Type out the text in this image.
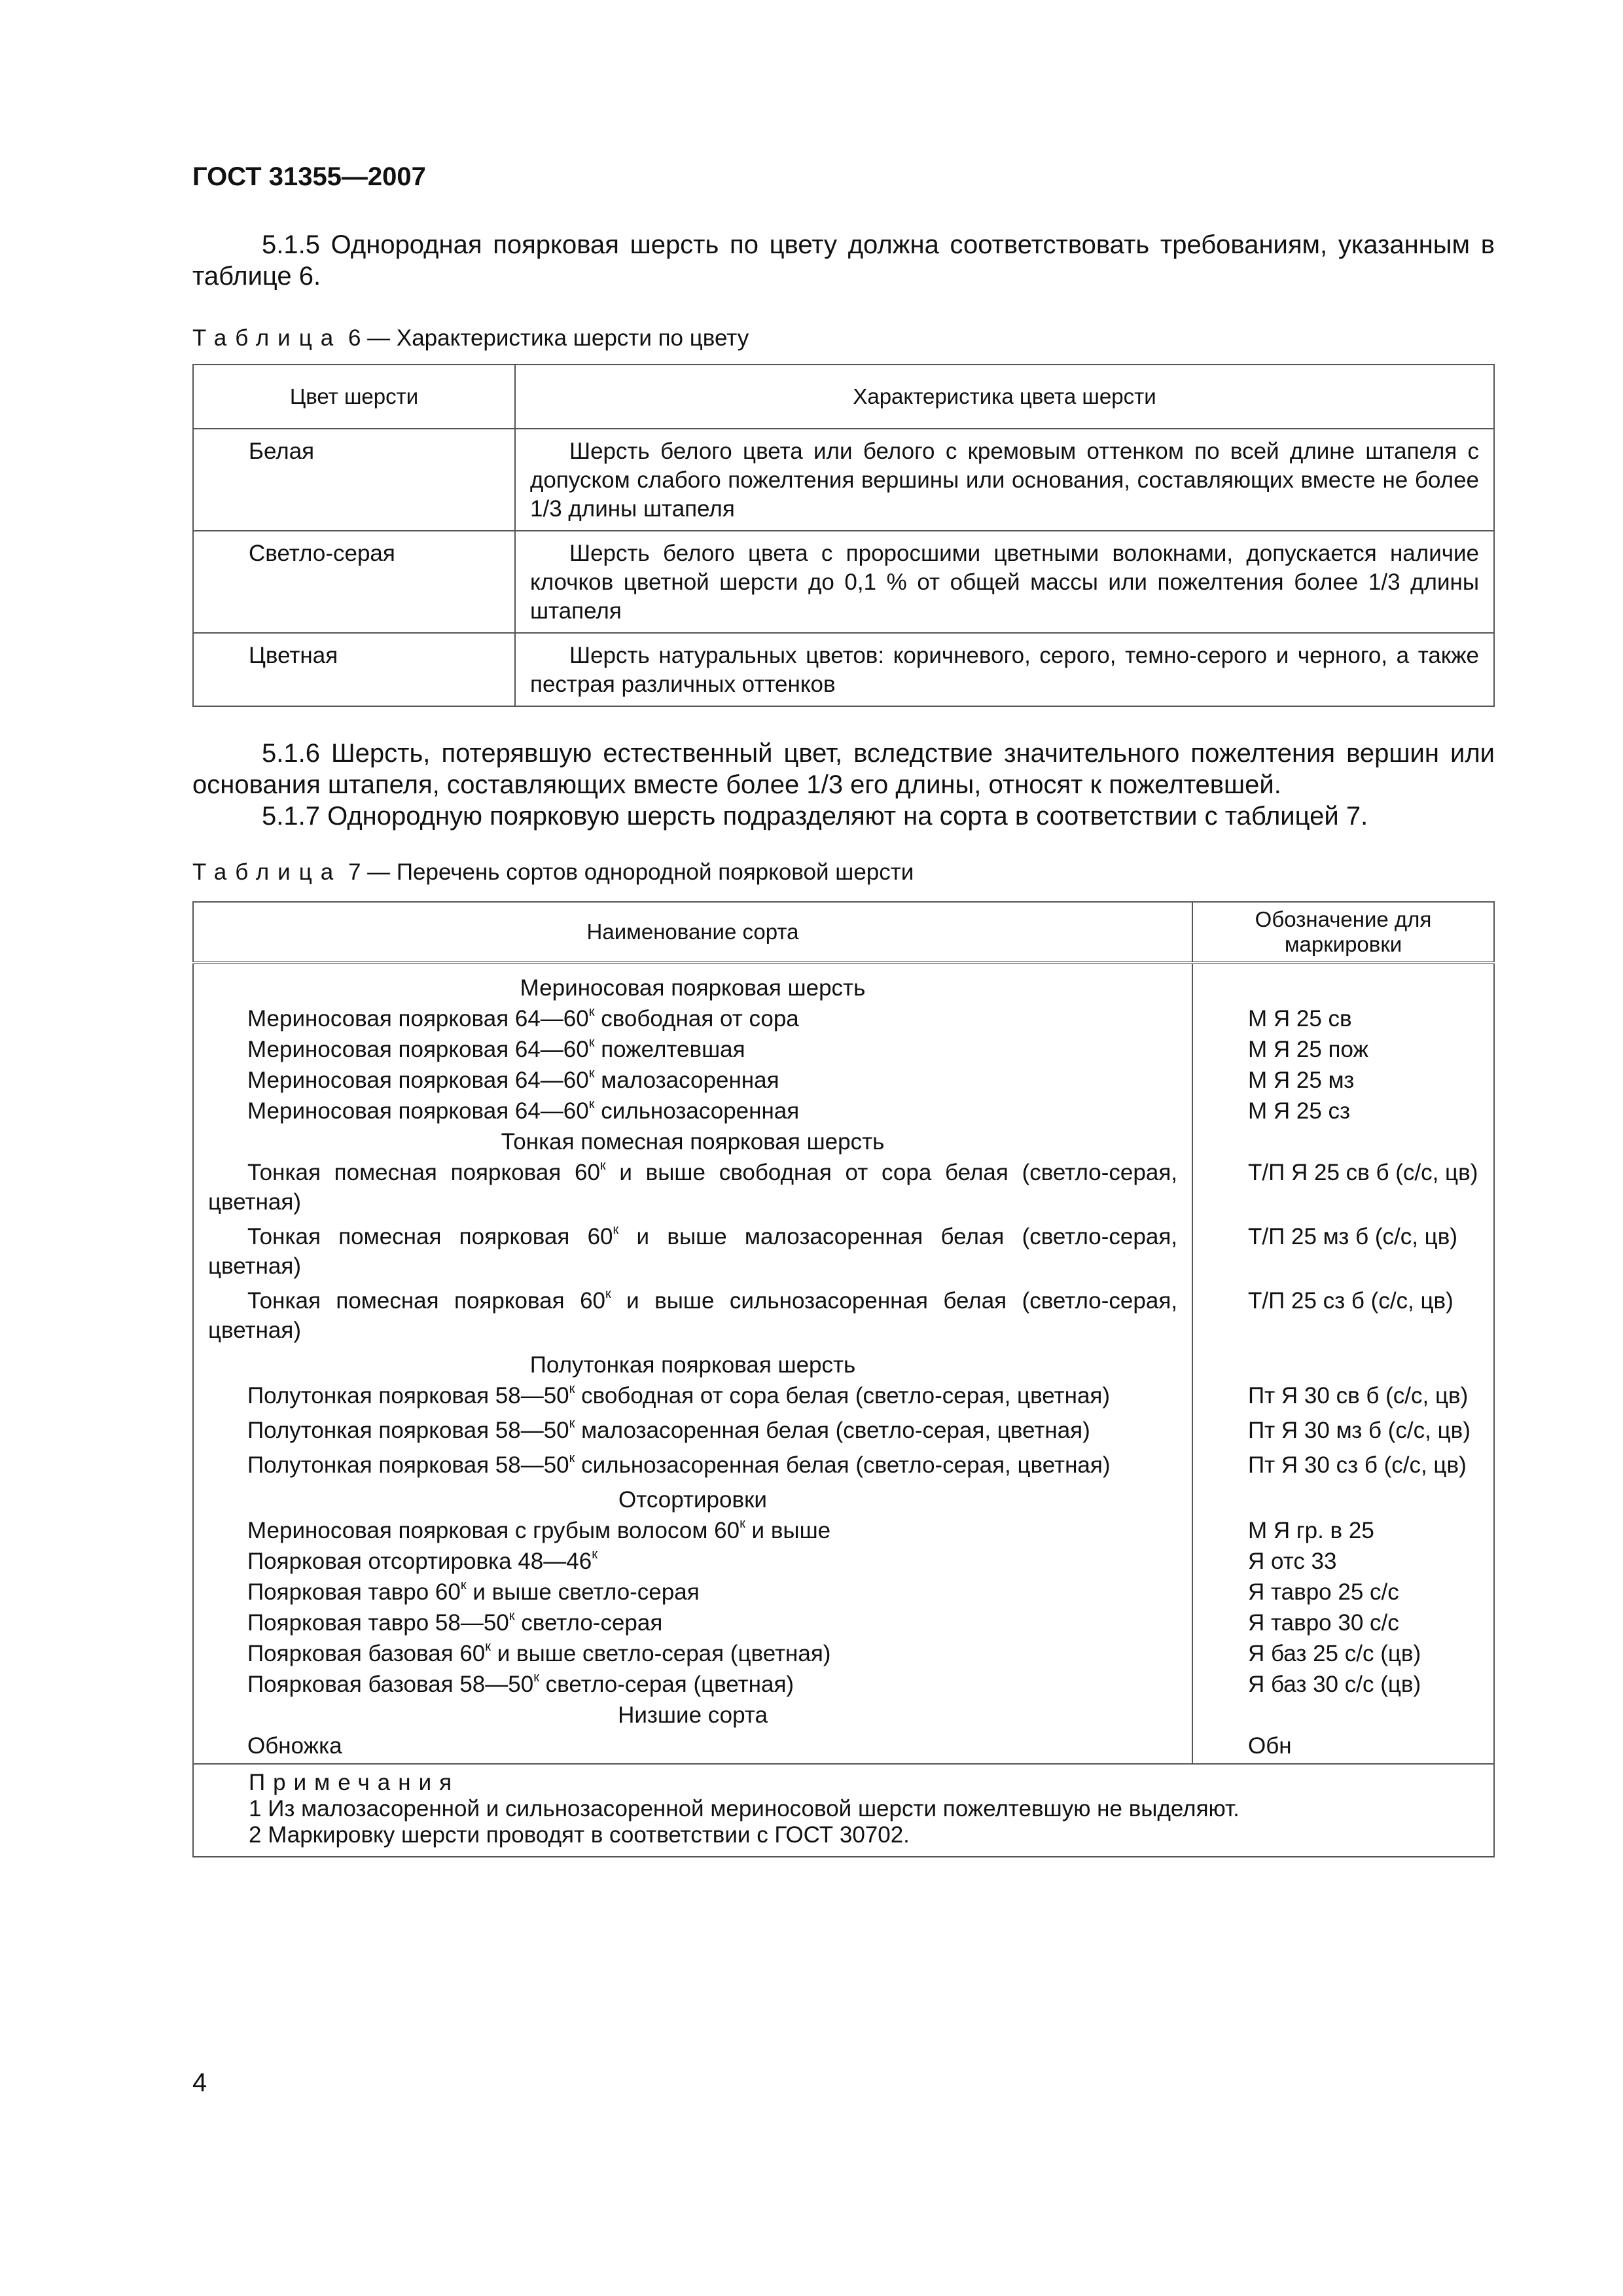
ГОСТ 31355—2007
5.1.5 Однородная поярковая шерсть по цвету должна соответствовать требованиям, указанным в таблице 6.
Таблица 6 — Характеристика шерсти по цвету
Цвет шерсти	Характеристика цвета шерсти
Белая	Шерсть белого цвета или белого с кремовым оттенком по всей длине штапеля с допуском слабого пожелтения вершины или основания, составляющих вместе не более 1/3 длины штапеля
Светло-серая	Шерсть белого цвета с проросшими цветными волокнами, допускается наличие клочков цветной шерсти до 0,1 % от общей массы или пожелтения более 1/3 длины штапеля
Цветная	Шерсть натуральных цветов: коричневого, серого, темно-серого и черного, а также пестрая различных оттенков
5.1.6 Шерсть, потерявшую естественный цвет, вследствие значительного пожелтения вершин или основания штапеля, составляющих вместе более 1/3 его длины, относят к пожелтевшей.
5.1.7 Однородную поярковую шерсть подразделяют на сорта в соответствии с таблицей 7.
Таблица 7 — Перечень сортов однородной поярковой шерсти
Наименование сорта	Обозначение для маркировки

Мериносовая поярковая шерсть	
Мериносовая поярковая $64—60^к$ свободная от сора	М Я 25 св
Мериносовая поярковая $64—60^к$ пожелтевшая	М Я 25 пож
Мериносовая поярковая $64—60^к$ малозасоренная	М Я 25 мз
Мериносовая поярковая $64—60^к$ сильнозасоренная	М Я 25 сз
Тонкая помесная поярковая шерсть	
Тонкая помесная поярковая $60^к$ и выше свободная от сора белая (светло-серая, цветная)	Т/П Я 25 св б (с/с, цв)
Тонкая помесная поярковая $60^к$ и выше малозасоренная белая (светло-серая, цветная)	Т/П 25 мз б (с/с, цв)
Тонкая помесная поярковая $60^к$ и выше сильнозасоренная белая (светло-серая, цветная)	Т/П 25 сз б (с/с, цв)
Полутонкая поярковая шерсть	
Полутонкая поярковая $58—50^к$ свободная от сора белая (светло-серая, цветная)	Пт Я 30 св б (с/с, цв)
Полутонкая поярковая $58—50^к$ малозасоренная белая (светло-серая, цветная)	Пт Я 30 мз б (с/с, цв)
Полутонкая поярковая $58—50^к$ сильнозасоренная белая (светло-серая, цветная)	Пт Я 30 сз б (с/с, цв)
Отсортировки	
Мериносовая поярковая с грубым волосом $60^к$ и выше	М Я гр. в 25
Поярковая отсортировка $48—46^к$	Я отс 33
Поярковая тавро $60^к$ и выше светло-серая	Я тавро 25 с/с
Поярковая тавро $58—50^к$ светло-серая	Я тавро 30 с/с
Поярковая базовая $60^к$ и выше светло-серая (цветная)	Я баз 25 с/с (цв)
Поярковая базовая $58—50^к$ светло-серая (цветная)	Я баз 30 с/с (цв)
Низшие сорта	
Обножка	Обн

Примечания
1 Из малозасоренной и сильнозасоренной мериносовой шерсти пожелтевшую не выделяют.
2 Маркировку шерсти проводят в соответствии с ГОСТ 30702.	
4
